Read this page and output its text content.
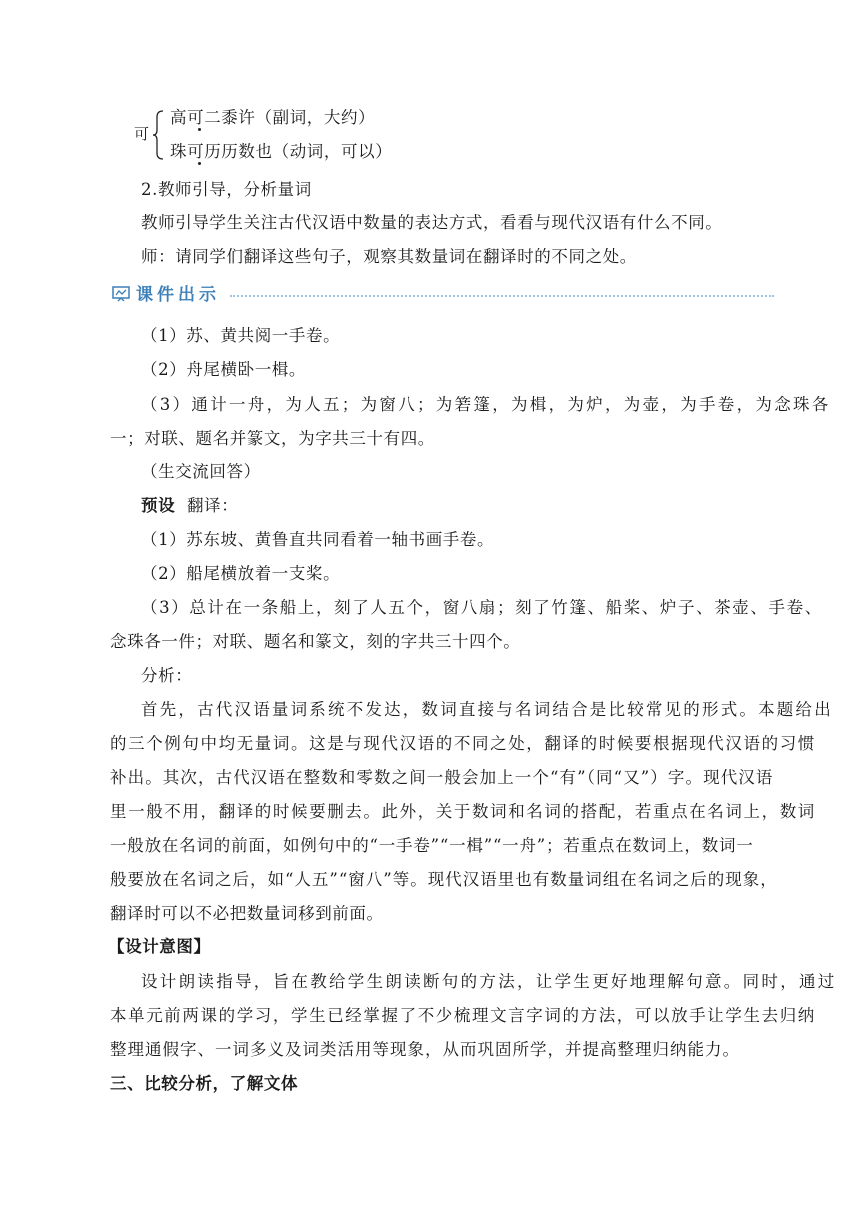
可
高可二黍许（副词，大约）
珠可历历数也（动词，可以）
2.教师引导，分析量词
教师引导学生关注古代汉语中数量的表达方式，看看与现代汉语有什么不同。
师：请同学们翻译这些句子，观察其数量词在翻译时的不同之处。
课件出示
（1）苏、黄共阅一手卷。
（2）舟尾横卧一楫。
（3）通计一舟，为人五；为窗八；为箬篷，为楫，为炉，为壶，为手卷，为念珠各
一；对联、题名并篆文，为字共三十有四。
（生交流回答）
预设 翻译：
（1）苏东坡、黄鲁直共同看着一轴书画手卷。
（2）船尾横放着一支桨。
（3）总计在一条船上，刻了人五个，窗八扇；刻了竹篷、船桨、炉子、茶壶、手卷、
念珠各一件；对联、题名和篆文，刻的字共三十四个。
分析：
首先，古代汉语量词系统不发达，数词直接与名词结合是比较常见的形式。本题给出
的三个例句中均无量词。这是与现代汉语的不同之处，翻译的时候要根据现代汉语的习惯
补出。其次，古代汉语在整数和零数之间一般会加上一个“有”（同“又”）字。现代汉语
里一般不用，翻译的时候要删去。此外，关于数词和名词的搭配，若重点在名词上，数词
一般放在名词的前面，如例句中的“一手卷”“一楫”“一舟”；若重点在数词上，数词一
般要放在名词之后，如“人五”“窗八”等。现代汉语里也有数量词组在名词之后的现象，
翻译时可以不必把数量词移到前面。
【设计意图】
设计朗读指导，旨在教给学生朗读断句的方法，让学生更好地理解句意。同时，通过
本单元前两课的学习，学生已经掌握了不少梳理文言字词的方法，可以放手让学生去归纳
整理通假字、一词多义及词类活用等现象，从而巩固所学，并提高整理归纳能力。
三、比较分析，了解文体
